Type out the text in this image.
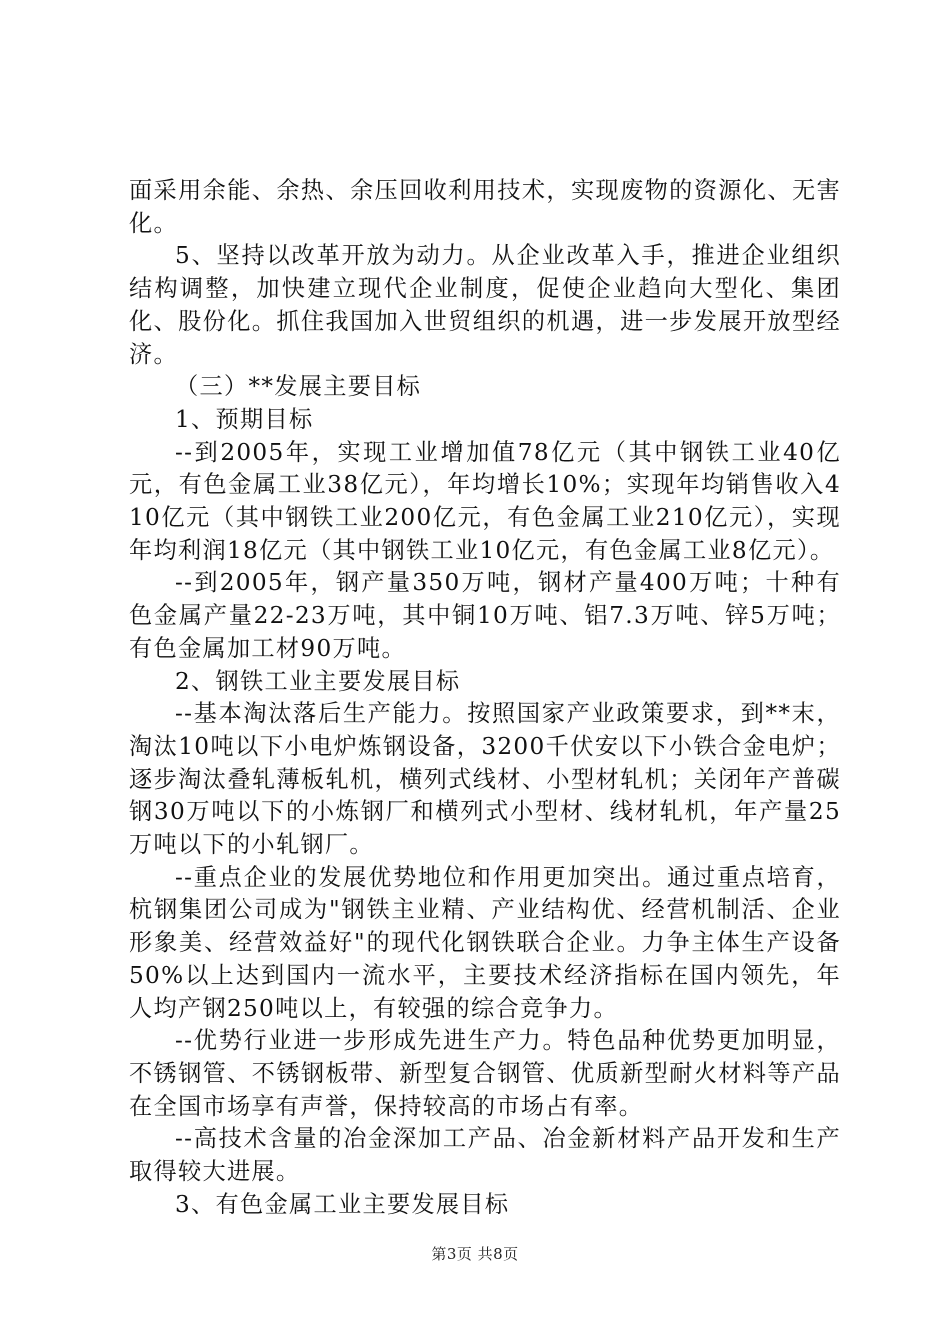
面采用余能、余热、余压回收利用技术，实现废物的资源化、无害化。

5、坚持以改革开放为动力。从企业改革入手，推进企业组织结构调整，加快建立现代企业制度，促使企业趋向大型化、集团化、股份化。抓住我国加入世贸组织的机遇，进一步发展开放型经济。

（三）**发展主要目标

1、预期目标

--到2005年，实现工业增加值78亿元（其中钢铁工业40亿元，有色金属工业38亿元），年均增长10%；实现年均销售收入410亿元（其中钢铁工业200亿元，有色金属工业210亿元），实现年均利润18亿元（其中钢铁工业10亿元，有色金属工业8亿元）。

--到2005年，钢产量350万吨，钢材产量400万吨；十种有色金属产量22-23万吨，其中铜10万吨、铝7.3万吨、锌5万吨；有色金属加工材90万吨。

2、钢铁工业主要发展目标

--基本淘汰落后生产能力。按照国家产业政策要求，到**末，淘汰10吨以下小电炉炼钢设备，3200千伏安以下小铁合金电炉；逐步淘汰叠轧薄板轧机，横列式线材、小型材轧机；关闭年产普碳钢30万吨以下的小炼钢厂和横列式小型材、线材轧机，年产量25万吨以下的小轧钢厂。

--重点企业的发展优势地位和作用更加突出。通过重点培育，杭钢集团公司成为"钢铁主业精、产业结构优、经营机制活、企业形象美、经营效益好"的现代化钢铁联合企业。力争主体生产设备50%以上达到国内一流水平，主要技术经济指标在国内领先，年人均产钢250吨以上，有较强的综合竞争力。

--优势行业进一步形成先进生产力。特色品种优势更加明显，不锈钢管、不锈钢板带、新型复合钢管、优质新型耐火材料等产品在全国市场享有声誉，保持较高的市场占有率。

--高技术含量的冶金深加工产品、冶金新材料产品开发和生产取得较大进展。

3、有色金属工业主要发展目标

第3页 共8页
